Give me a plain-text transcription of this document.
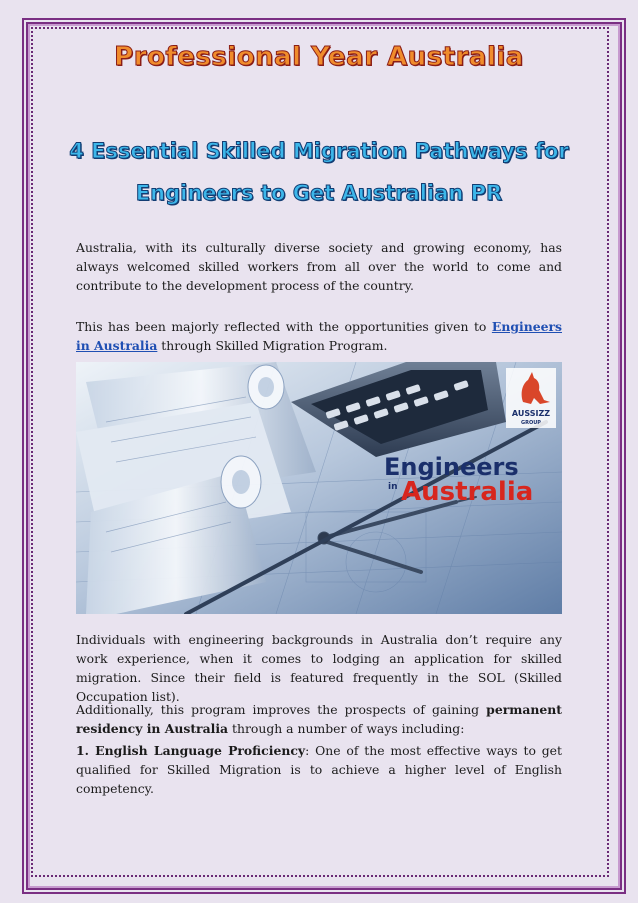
Professional Year Australia
4 Essential Skilled Migration Pathways for
Engineers to Get Australian PR

Australia, with its culturally diverse society and growing economy, has always welcomed skilled workers from all over the world to come and contribute to the development process of the country.

This has been majorly reflected with the opportunities given to Engineers in Australia through Skilled Migration Program.

AUSSIZZ
GROUP
Engineers
in Australia

Individuals with engineering backgrounds in Australia don’t require any work experience, when it comes to lodging an application for skilled migration. Since their field is featured frequently in the SOL (Skilled Occupation list).

Additionally, this program improves the prospects of gaining permanent residency in Australia through a number of ways including:

1. English Language Proficiency: One of the most effective ways to get qualified for Skilled Migration is to achieve a higher level of English competency.
